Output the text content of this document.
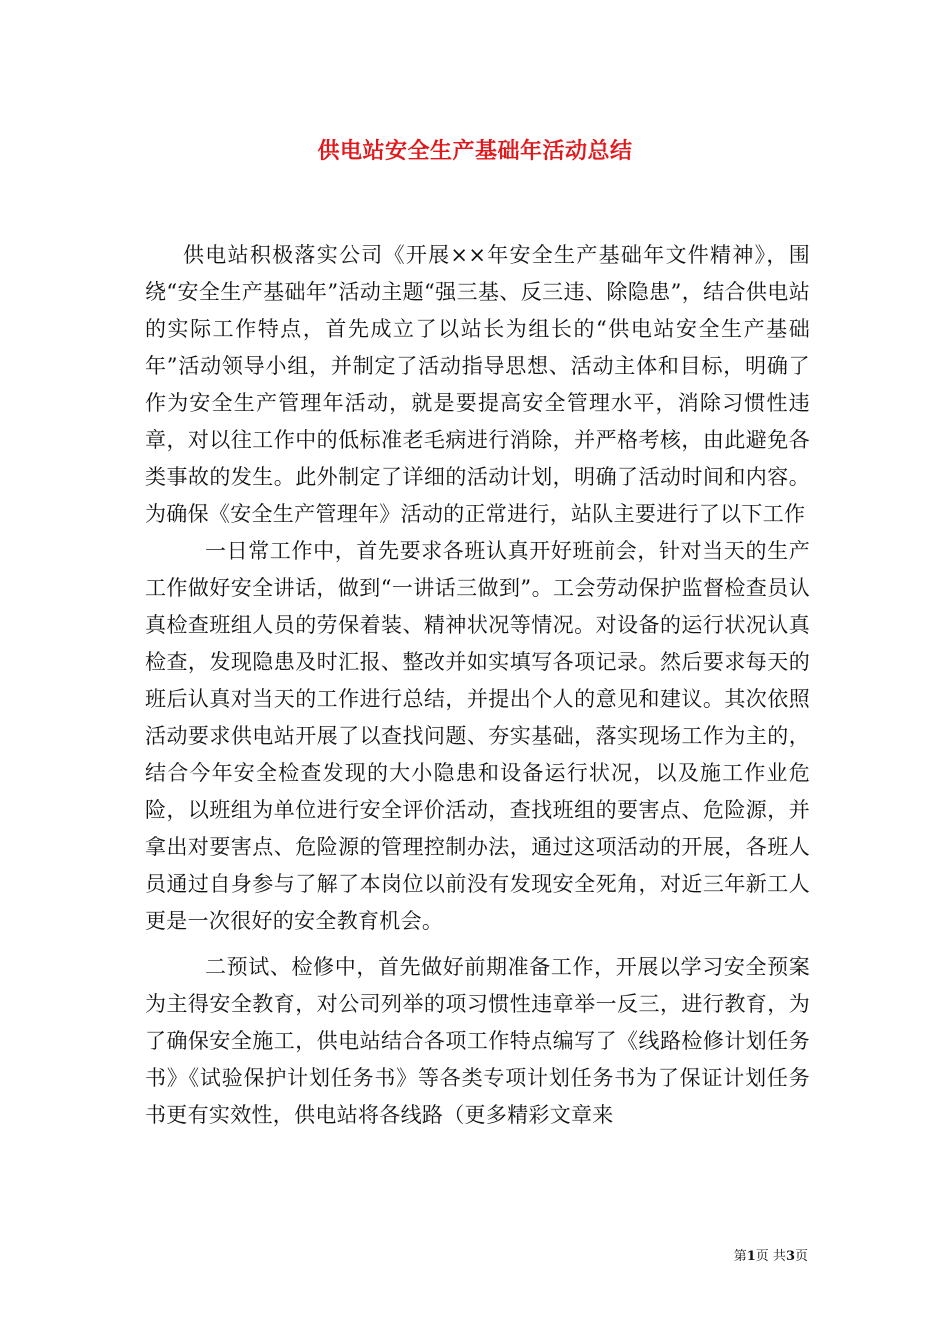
供电站安全生产基础年活动总结

供电站积极落实公司《开展××年安全生产基础年文件精神》，围绕“安全生产基础年”活动主题“强三基、反三违、除隐患”，结合供电站的实际工作特点，首先成立了以站长为组长的“供电站安全生产基础年”活动领导小组，并制定了活动指导思想、活动主体和目标，明确了作为安全生产管理年活动，就是要提高安全管理水平，消除习惯性违章，对以往工作中的低标准老毛病进行消除，并严格考核，由此避免各类事故的发生。此外制定了详细的活动计划，明确了活动时间和内容。为确保《安全生产管理年》活动的正常进行，站队主要进行了以下工作

一日常工作中，首先要求各班认真开好班前会，针对当天的生产工作做好安全讲话，做到“一讲话三做到”。工会劳动保护监督检查员认真检查班组人员的劳保着装、精神状况等情况。对设备的运行状况认真检查，发现隐患及时汇报、整改并如实填写各项记录。然后要求每天的班后认真对当天的工作进行总结，并提出个人的意见和建议。其次依照活动要求供电站开展了以查找问题、夯实基础，落实现场工作为主的，结合今年安全检查发现的大小隐患和设备运行状况，以及施工作业危险，以班组为单位进行安全评价活动，查找班组的要害点、危险源，并拿出对要害点、危险源的管理控制办法，通过这项活动的开展，各班人员通过自身参与了解了本岗位以前没有发现安全死角，对近三年新工人更是一次很好的安全教育机会。

二预试、检修中，首先做好前期准备工作，开展以学习安全预案为主得安全教育，对公司列举的项习惯性违章举一反三，进行教育，为了确保安全施工，供电站结合各项工作特点编写了《线路检修计划任务书》《试验保护计划任务书》等各类专项计划任务书为了保证计划任务书更有实效性，供电站将各线路（更多精彩文章来

第1页 共3页
